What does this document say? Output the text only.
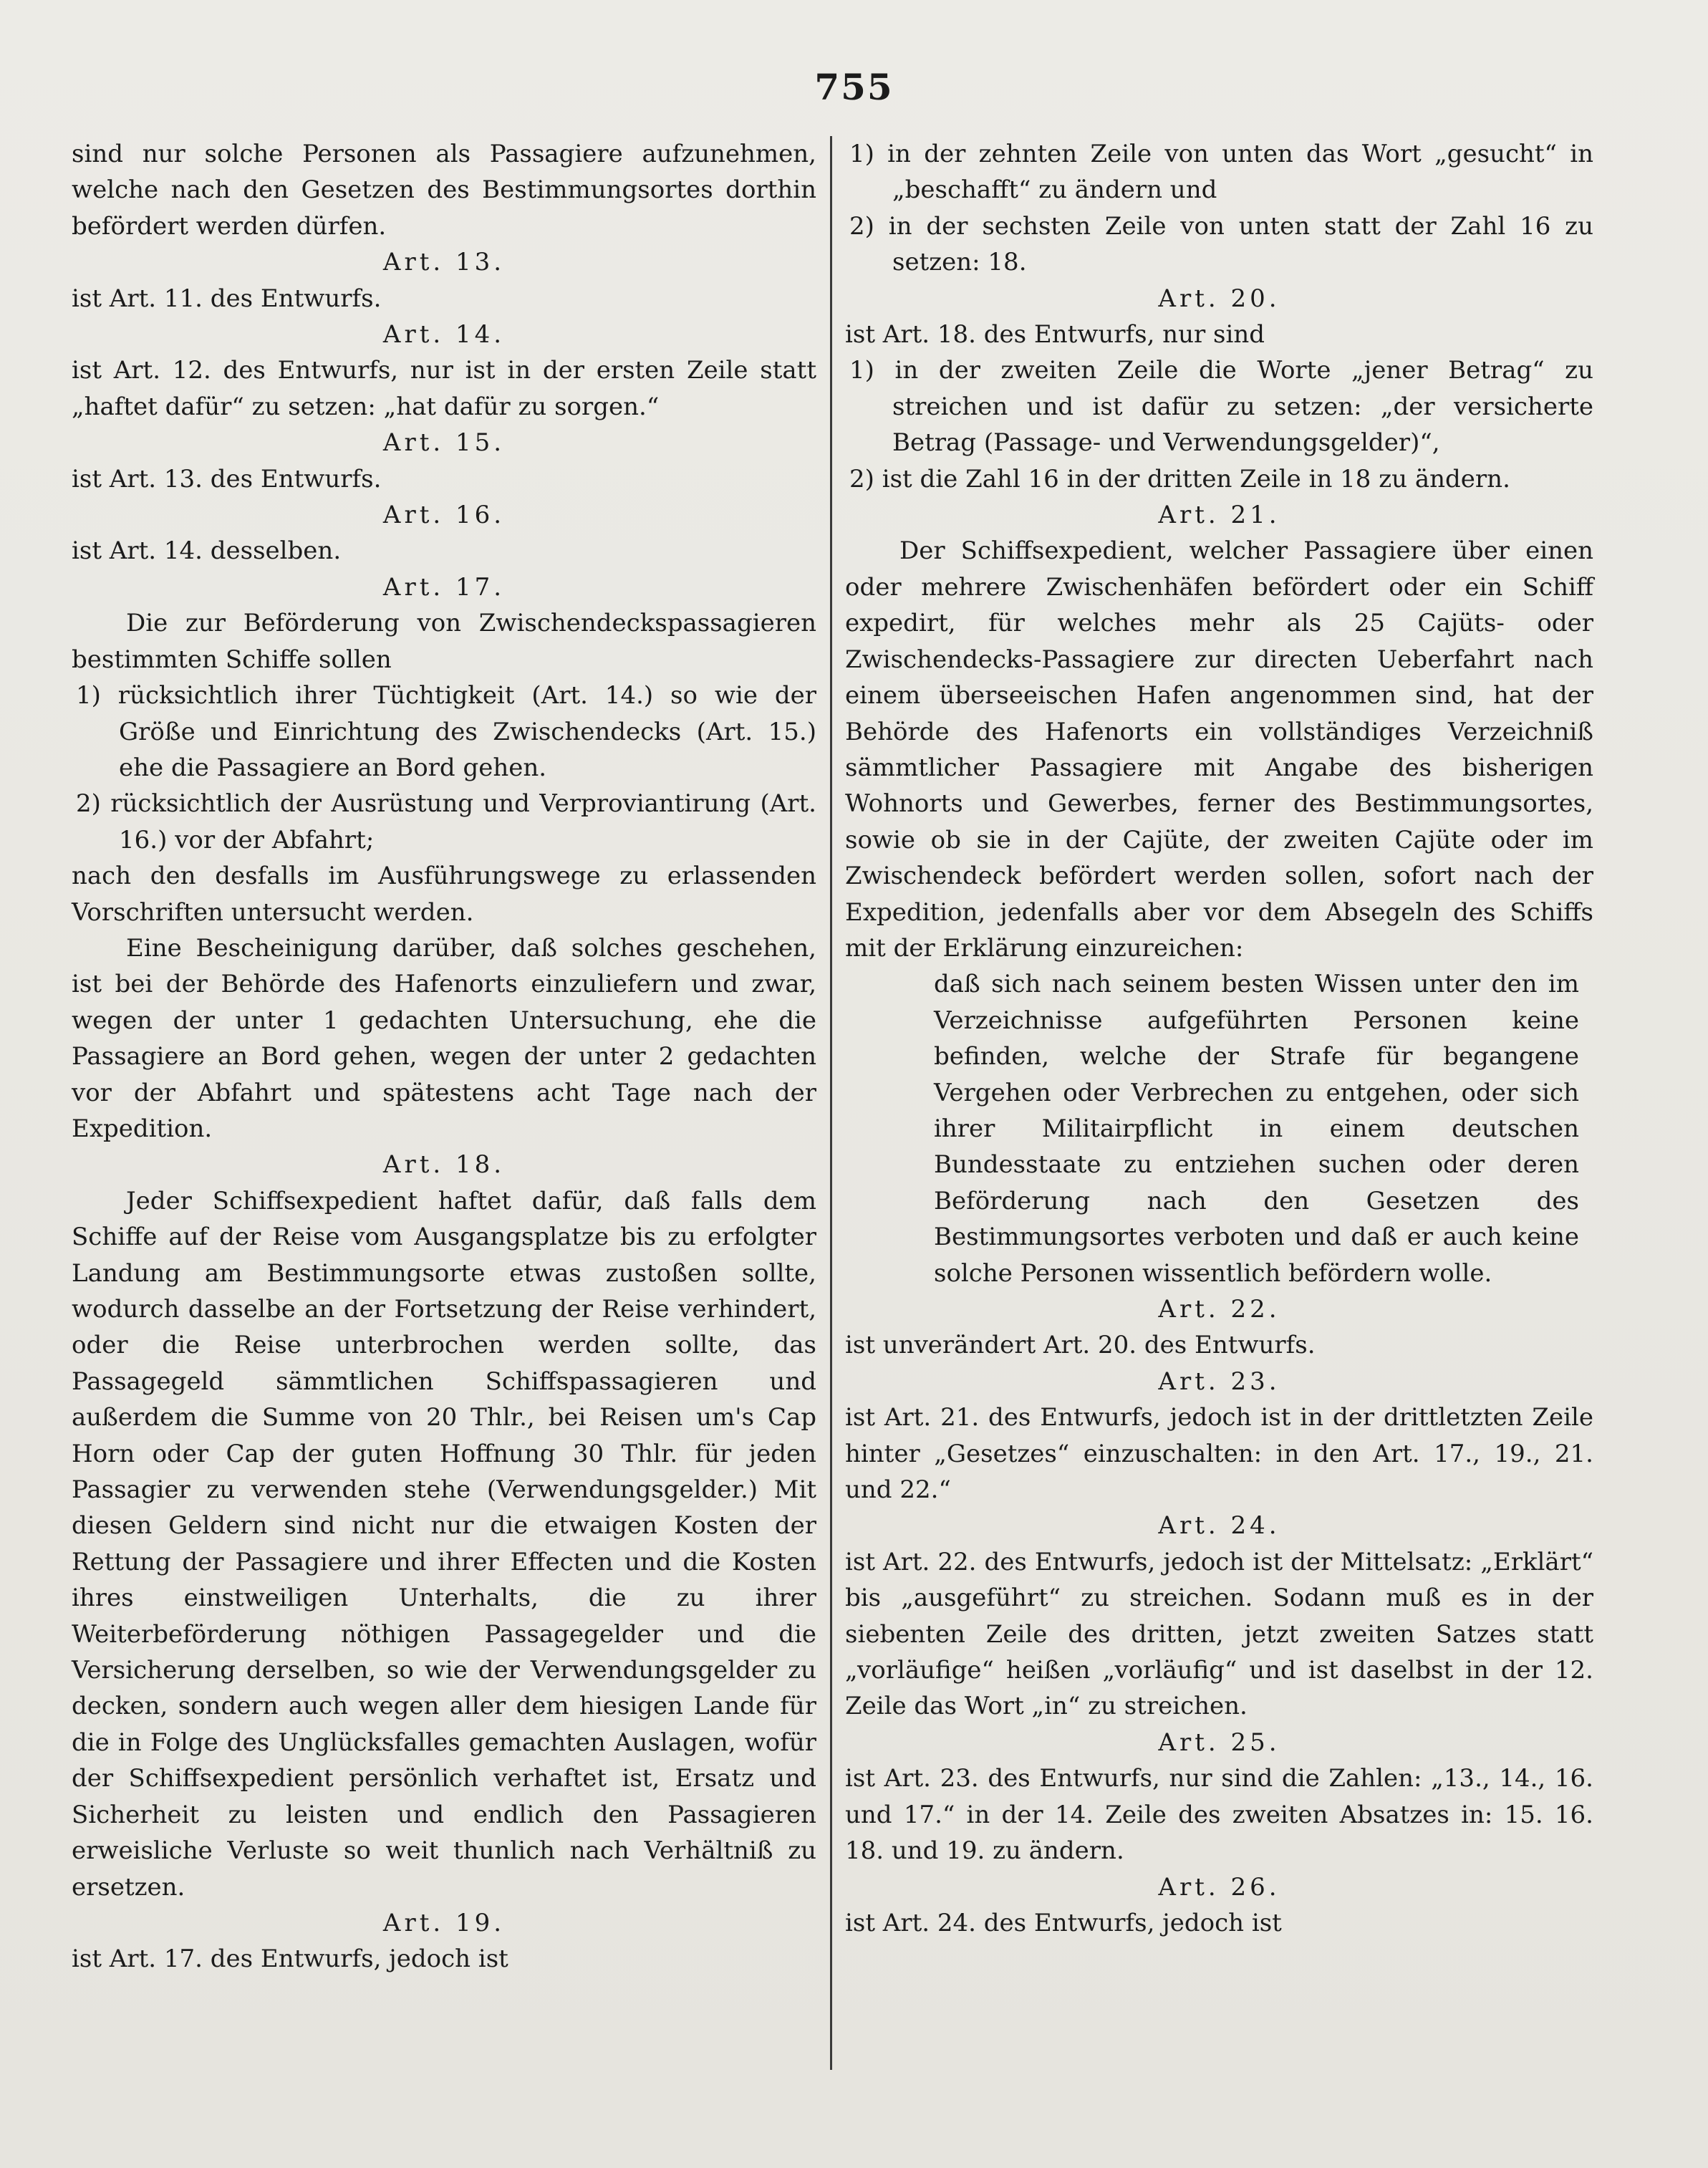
755

sind nur solche Personen als Passagiere aufzunehmen, welche nach den Gesetzen des Bestimmungsortes dorthin befördert werden dürfen.

Art. 13.

ist Art. 11. des Entwurfs.

Art. 14.

ist Art. 12. des Entwurfs, nur ist in der ersten Zeile statt „haftet dafür“ zu setzen: „hat dafür zu sorgen.“

Art. 15.

ist Art. 13. des Entwurfs.

Art. 16.

ist Art. 14. desselben.

Art. 17.

Die zur Beförderung von Zwischendeckspassagieren bestimmten Schiffe sollen

1) rücksichtlich ihrer Tüchtigkeit (Art. 14.) so wie der Größe und Einrichtung des Zwischendecks (Art. 15.) ehe die Passagiere an Bord gehen.

2) rücksichtlich der Ausrüstung und Verproviantirung (Art. 16.) vor der Abfahrt;

nach den desfalls im Ausführungswege zu erlassenden Vorschriften untersucht werden.

Eine Bescheinigung darüber, daß solches geschehen, ist bei der Behörde des Hafenorts einzuliefern und zwar, wegen der unter 1 gedachten Untersuchung, ehe die Passagiere an Bord gehen, wegen der unter 2 gedachten vor der Abfahrt und spätestens acht Tage nach der Expedition.

Art. 18.

Jeder Schiffsexpedient haftet dafür, daß falls dem Schiffe auf der Reise vom Ausgangsplatze bis zu erfolgter Landung am Bestimmungsorte etwas zustoßen sollte, wodurch dasselbe an der Fortsetzung der Reise verhindert, oder die Reise unterbrochen werden sollte, das Passagegeld sämmtlichen Schiffspassagieren und außerdem die Summe von 20 Thlr., bei Reisen um's Cap Horn oder Cap der guten Hoffnung 30 Thlr. für jeden Passagier zu verwenden stehe (Verwendungsgelder.) Mit diesen Geldern sind nicht nur die etwaigen Kosten der Rettung der Passagiere und ihrer Effecten und die Kosten ihres einstweiligen Unterhalts, die zu ihrer Weiterbeförderung nöthigen Passagegelder und die Versicherung derselben, so wie der Verwendungsgelder zu decken, sondern auch wegen aller dem hiesigen Lande für die in Folge des Unglücksfalles gemachten Auslagen, wofür der Schiffsexpedient persönlich verhaftet ist, Ersatz und Sicherheit zu leisten und endlich den Passagieren erweisliche Verluste so weit thunlich nach Verhältniß zu ersetzen.

Art. 19.

ist Art. 17. des Entwurfs, jedoch ist

1) in der zehnten Zeile von unten das Wort „gesucht“ in „beschafft“ zu ändern und

2) in der sechsten Zeile von unten statt der Zahl 16 zu setzen: 18.

Art. 20.

ist Art. 18. des Entwurfs, nur sind

1) in der zweiten Zeile die Worte „jener Betrag“ zu streichen und ist dafür zu setzen: „der versicherte Betrag (Passage- und Verwendungsgelder)“,

2) ist die Zahl 16 in der dritten Zeile in 18 zu ändern.

Art. 21.

Der Schiffsexpedient, welcher Passagiere über einen oder mehrere Zwischenhäfen befördert oder ein Schiff expedirt, für welches mehr als 25 Cajüts- oder Zwischendecks-Passagiere zur directen Ueberfahrt nach einem überseeischen Hafen angenommen sind, hat der Behörde des Hafenorts ein vollständiges Verzeichniß sämmtlicher Passagiere mit Angabe des bisherigen Wohnorts und Gewerbes, ferner des Bestimmungsortes, sowie ob sie in der Cajüte, der zweiten Cajüte oder im Zwischendeck befördert werden sollen, sofort nach der Expedition, jedenfalls aber vor dem Absegeln des Schiffs mit der Erklärung einzureichen:

daß sich nach seinem besten Wissen unter den im Verzeichnisse aufgeführten Personen keine befinden, welche der Strafe für begangene Vergehen oder Verbrechen zu entgehen, oder sich ihrer Militairpflicht in einem deutschen Bundesstaate zu entziehen suchen oder deren Beförderung nach den Gesetzen des Bestimmungsortes verboten und daß er auch keine solche Personen wissentlich befördern wolle.

Art. 22.

ist unverändert Art. 20. des Entwurfs.

Art. 23.

ist Art. 21. des Entwurfs, jedoch ist in der drittletzten Zeile hinter „Gesetzes“ einzuschalten: in den Art. 17., 19., 21. und 22.“

Art. 24.

ist Art. 22. des Entwurfs, jedoch ist der Mittelsatz: „Erklärt“ bis „ausgeführt“ zu streichen. Sodann muß es in der siebenten Zeile des dritten, jetzt zweiten Satzes statt „vorläufige“ heißen „vorläufig“ und ist daselbst in der 12. Zeile das Wort „in“ zu streichen.

Art. 25.

ist Art. 23. des Entwurfs, nur sind die Zahlen: „13., 14., 16. und 17.“ in der 14. Zeile des zweiten Absatzes in: 15. 16. 18. und 19. zu ändern.

Art. 26.

ist Art. 24. des Entwurfs, jedoch ist
